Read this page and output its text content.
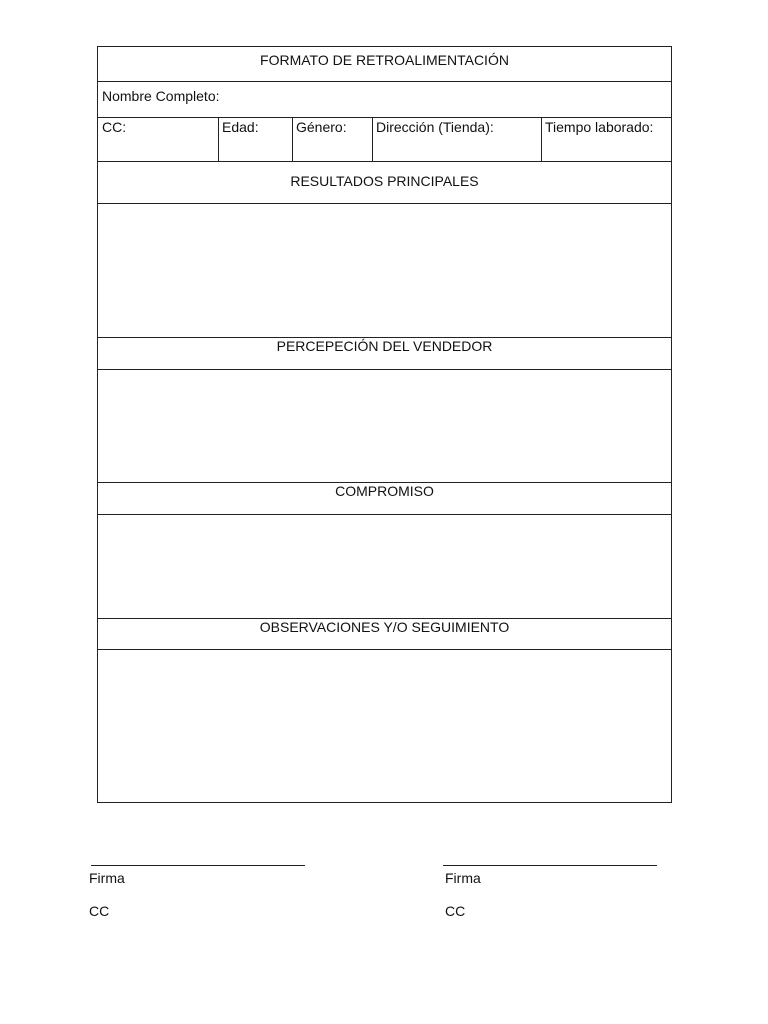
FORMATO DE RETROALIMENTACIÓN
Nombre Completo:
CC:	Edad:	Género:	Dirección (Tienda):	Tiempo laborado:
RESULTADOS PRINCIPALES
PERCEPECIÓN DEL VENDEDOR
COMPROMISO
OBSERVACIONES Y/O SEGUIMIENTO
Firma
CC
Firma
CC
